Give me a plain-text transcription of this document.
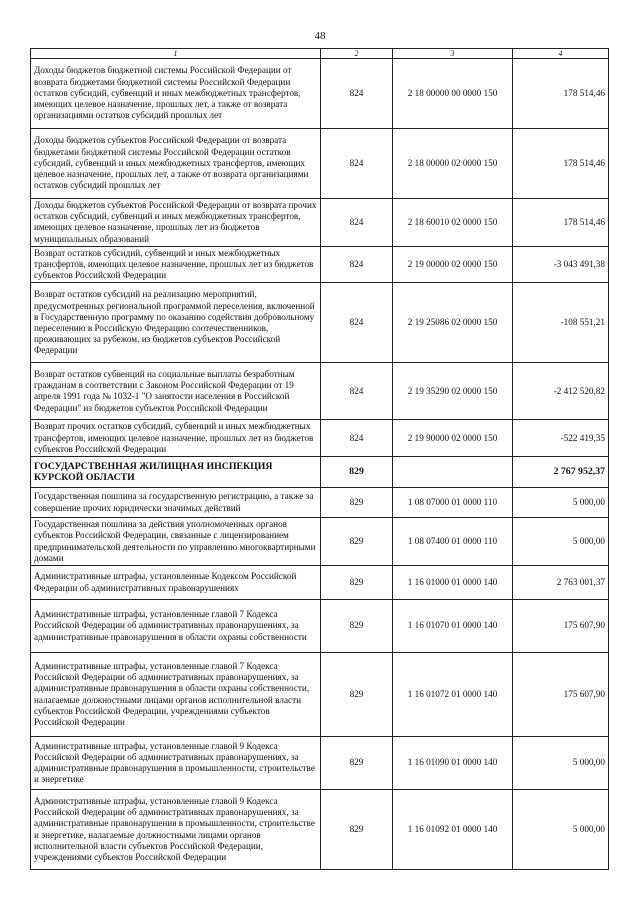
48
1	2	3	4
Доходы бюджетов бюджетной системы Российской Федерации от возврата бюджетами бюджетной системы Российской Федерации остатков субсидий, субвенций и иных межбюджетных трансфертов, имеющих целевое назначение, прошлых лет, а также от возврата организациями остатков субсидий прошлых лет	824	2 18 00000 00 0000 150	178 514,46
Доходы бюджетов субъектов Российской Федерации от возврата бюджетами бюджетной системы Российской Федерации остатков субсидий, субвенций и иных межбюджетных трансфертов, имеющих целевое назначение, прошлых лет, а также от возврата организациями остатков субсидий прошлых лет	824	2 18 00000 02 0000 150	178 514,46
Доходы бюджетов субъектов Российской Федерации от возврата прочих остатков субсидий, субвенций и иных межбюджетных трансфертов, имеющих целевое назначение, прошлых лет из бюджетов муниципальных образований	824	2 18 60010 02 0000 150	178 514,46
Возврат остатков субсидий, субвенций и иных межбюджетных трансфертов, имеющих целевое назначение, прошлых лет из бюджетов субъектов Российской Федерации	824	2 19 00000 02 0000 150	-3 043 491,38
Возврат остатков субсидий на реализацию мероприятий, предусмотренных региональной программой переселения, включенной в Государственную программу по оказанию содействия добровольному переселению в Российскую Федерацию соотечественников, проживающих за рубежом, из бюджетов субъектов Российской Федерации	824	2 19 25086 02 0000 150	-108 551,21
Возврат остатков субвенций на социальные выплаты безработным гражданам в соответствии с Законом Российской Федерации от 19 апреля 1991 года № 1032-1 "О занятости населения в Российской Федерации" из бюджетов субъектов Российской Федерации	824	2 19 35290 02 0000 150	-2 412 520,82
Возврат прочих остатков субсидий, субвенций и иных межбюджетных трансфертов, имеющих целевое назначение, прошлых лет из бюджетов субъектов Российской Федерации	824	2 19 90000 02 0000 150	-522 419,35
ГОСУДАРСТВЕННАЯ ЖИЛИЩНАЯ ИНСПЕКЦИЯ КУРСКОЙ ОБЛАСТИ	829		2 767 952,37
Государственная пошлина за государственную регистрацию, а также за совершение прочих юридически значимых действий	829	1 08 07000 01 0000 110	5 000,00
Государственная пошлина за действия уполномоченных органов субъектов Российской Федерации, связанные с лицензированием предпринимательской деятельности по управлению многоквартирными домами	829	1 08 07400 01 0000 110	5 000,00
Административные штрафы, установленные Кодексом Российской Федерации об административных правонарушениях	829	1 16 01000 01 0000 140	2 763 001,37
Административные штрафы, установленные главой 7 Кодекса Российской Федерации об административных правонарушениях, за административные правонарушения в области охраны собственности	829	1 16 01070 01 0000 140	175 607,90
Административные штрафы, установленные главой 7 Кодекса Российской Федерации об административных правонарушениях, за административные правонарушения в области охраны собственности, налагаемые должностными лицами органов исполнительной власти субъектов Российской Федерации, учреждениями субъектов Российской Федерации	829	1 16 01072 01 0000 140	175 607,90
Административные штрафы, установленные главой 9 Кодекса Российской Федерации об административных правонарушениях, за административные правонарушения в промышленности, строительстве и энергетике	829	1 16 01090 01 0000 140	5 000,00
Административные штрафы, установленные главой 9 Кодекса Российской Федерации об административных правонарушениях, за административные правонарушения в промышленности, строительстве и энергетике, налагаемые должностными лицами органов исполнительной власти субъектов Российской Федерации, учреждениями субъектов Российской Федерации	829	1 16 01092 01 0000 140	5 000,00
